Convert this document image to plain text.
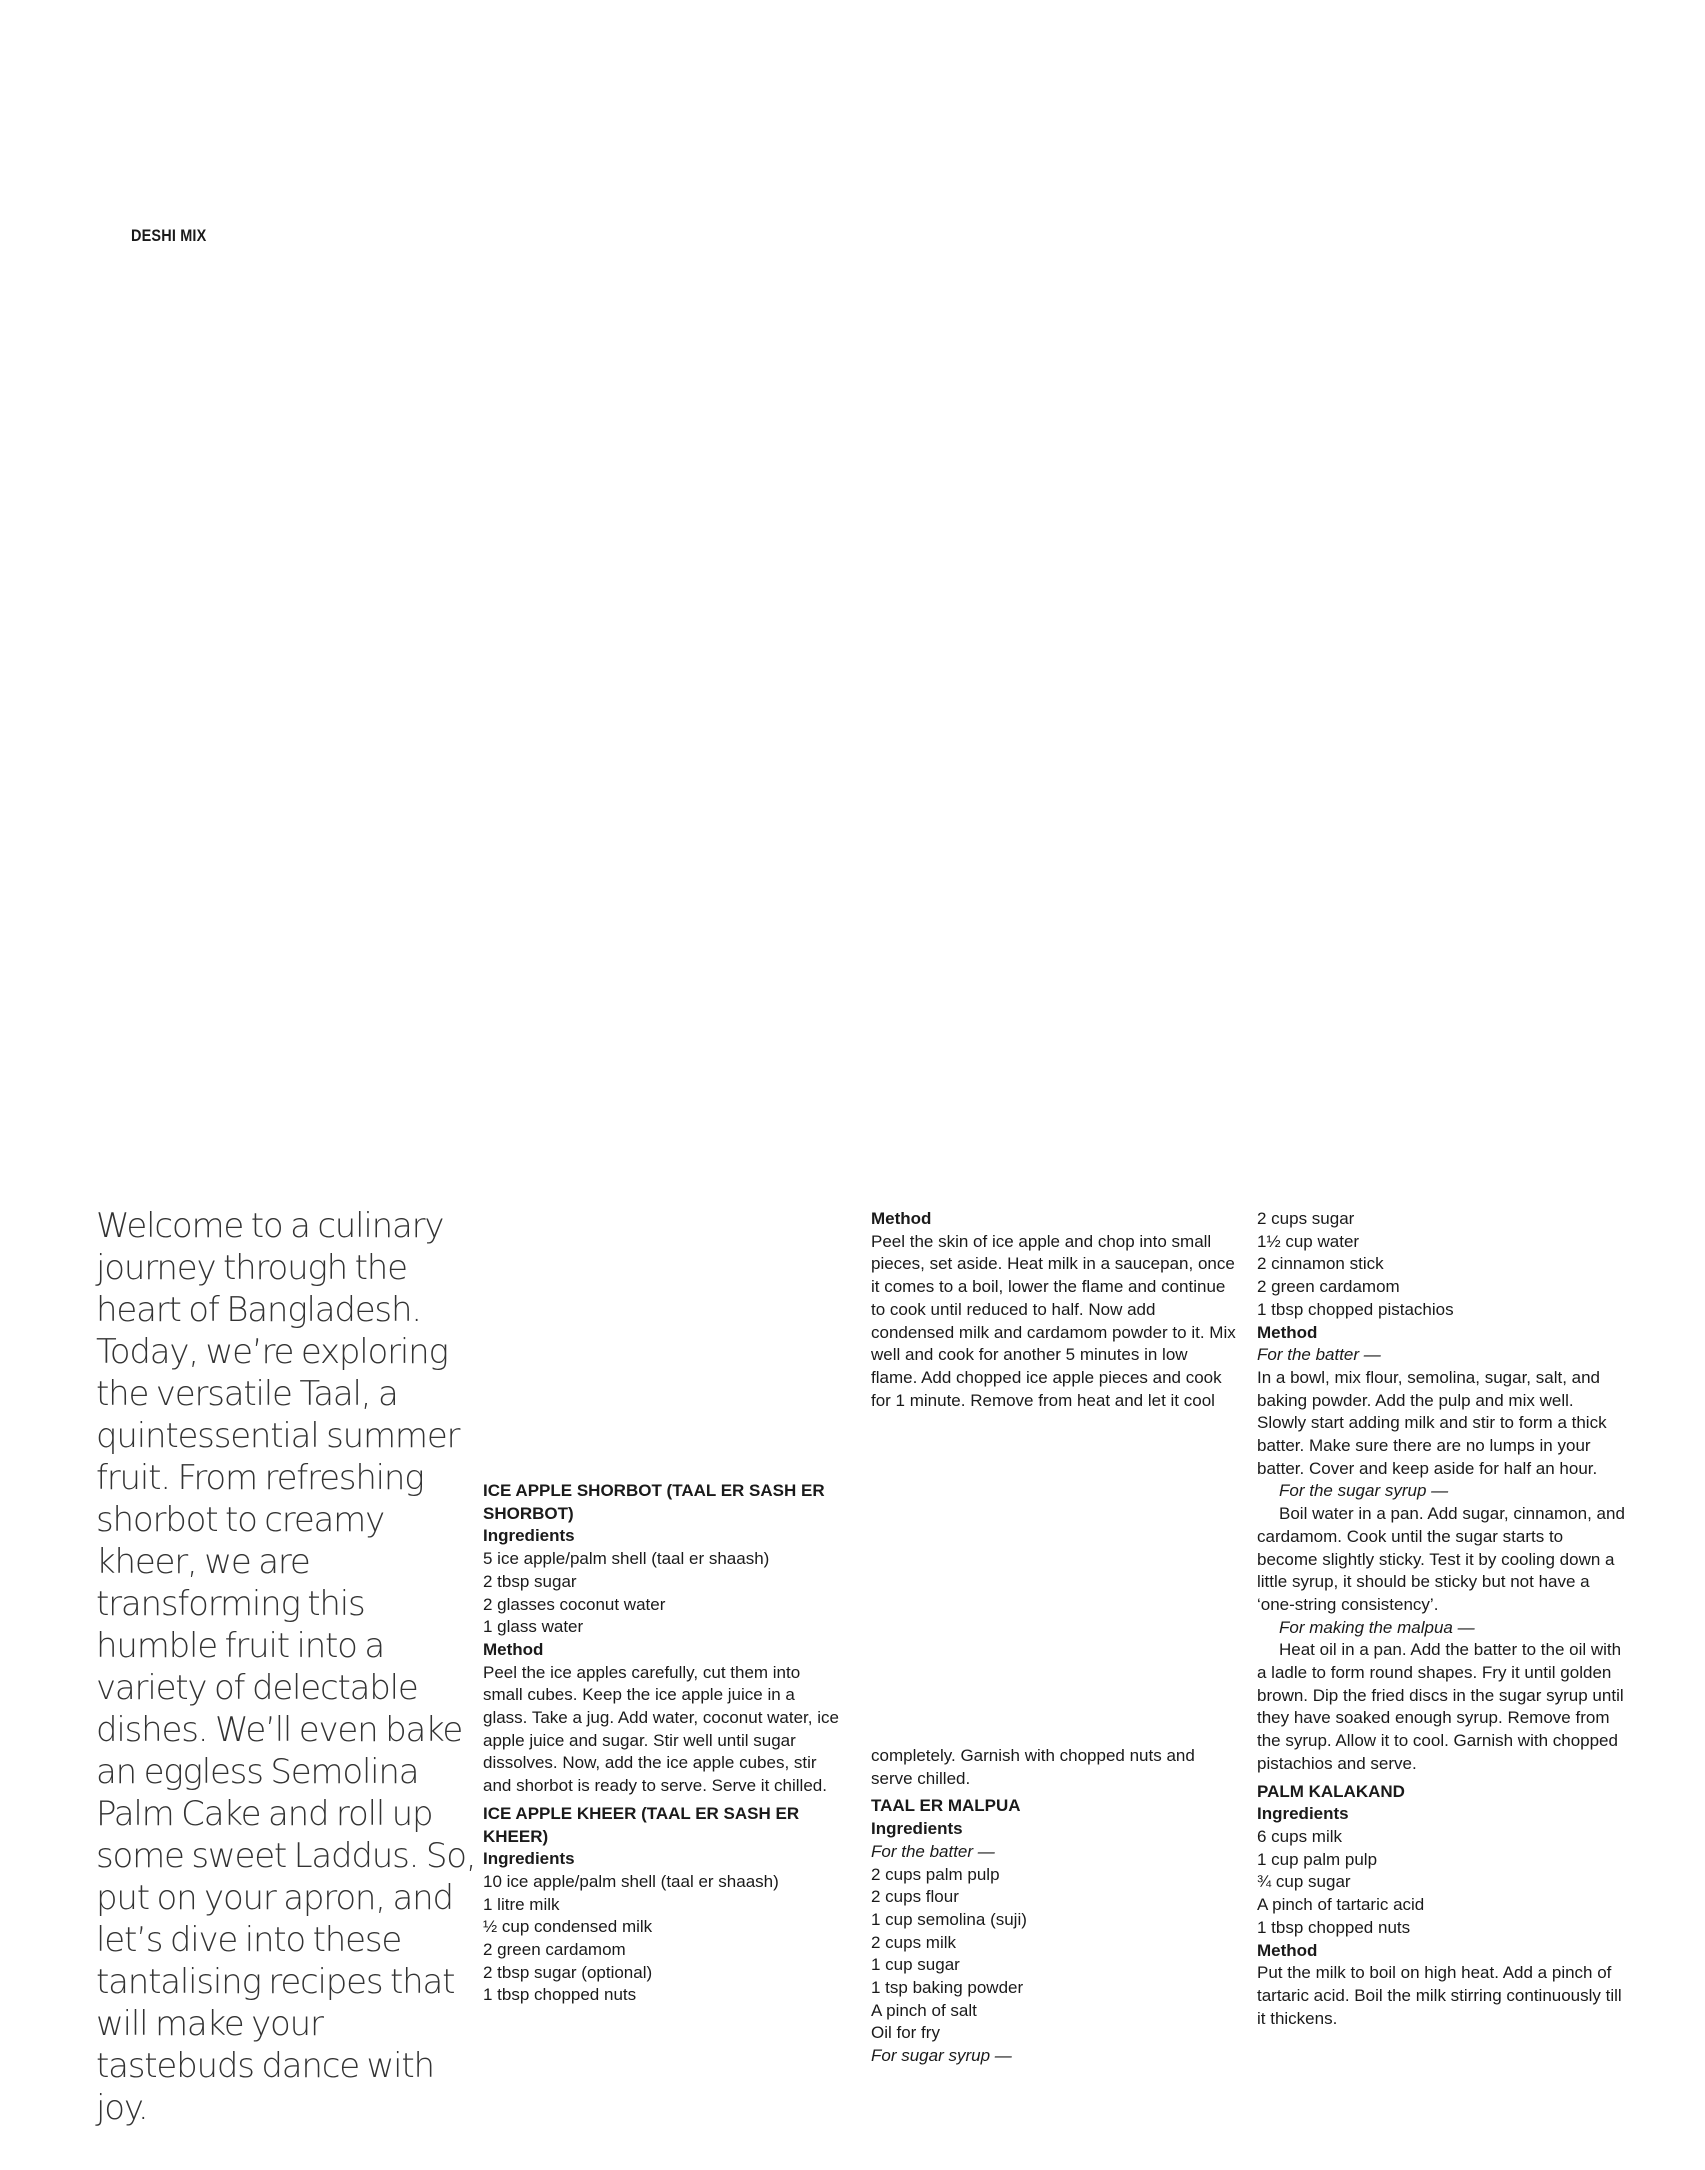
DESHI MIX
Welcome to a culinary journey through the heart of Bangladesh. Today, we’re exploring the versatile Taal, a quintessential summer fruit. From refreshing shorbot to creamy kheer, we are transforming this humble fruit into a variety of delectable dishes. We’ll even bake an eggless Semolina Palm Cake and roll up some sweet Laddus. So, put on your apron, and let’s dive into these tantalising recipes that will make your tastebuds dance with joy.
ICE APPLE SHORBOT (TAAL ER SASH ER SHORBOT)
Ingredients
5 ice apple/palm shell (taal er shaash)
2 tbsp sugar
2 glasses coconut water
1 glass water
Method
Peel the ice apples carefully, cut them into small cubes. Keep the ice apple juice in a glass. Take a jug. Add water, coconut water, ice apple juice and sugar. Stir well until sugar dissolves. Now, add the ice apple cubes, stir and shorbot is ready to serve. Serve it chilled.
ICE APPLE KHEER (TAAL ER SASH ER KHEER)
Ingredients
10 ice apple/palm shell (taal er shaash)
1 litre milk
½ cup condensed milk
2 green cardamom
2 tbsp sugar (optional)
1 tbsp chopped nuts
Method
Peel the skin of ice apple and chop into small pieces, set aside. Heat milk in a saucepan, once it comes to a boil, lower the flame and continue to cook until reduced to half. Now add condensed milk and cardamom powder to it. Mix well and cook for another 5 minutes in low flame. Add chopped ice apple pieces and cook for 1 minute. Remove from heat and let it cool
completely. Garnish with chopped nuts and serve chilled.
TAAL ER MALPUA
Ingredients
For the batter —
2 cups palm pulp
2 cups flour
1 cup semolina (suji)
2 cups milk
1 cup sugar
1 tsp baking powder
A pinch of salt
Oil for fry
For sugar syrup —
2 cups sugar
1½ cup water
2 cinnamon stick
2 green cardamom
1 tbsp chopped pistachios
Method
For the batter —
In a bowl, mix flour, semolina, sugar, salt, and baking powder. Add the pulp and mix well. Slowly start adding milk and stir to form a thick batter. Make sure there are no lumps in your batter. Cover and keep aside for half an hour.
For the sugar syrup —
Boil water in a pan. Add sugar, cinnamon, and cardamom. Cook until the sugar starts to become slightly sticky. Test it by cooling down a little syrup, it should be sticky but not have a ‘one-string consistency’.
For making the malpua —
Heat oil in a pan. Add the batter to the oil with a ladle to form round shapes. Fry it until golden brown. Dip the fried discs in the sugar syrup until they have soaked enough syrup. Remove from the syrup. Allow it to cool. Garnish with chopped pistachios and serve.
PALM KALAKAND
Ingredients
6 cups milk
1 cup palm pulp
¾ cup sugar
A pinch of tartaric acid
1 tbsp chopped nuts
Method
Put the milk to boil on high heat. Add a pinch of tartaric acid. Boil the milk stirring continuously till it thickens.
